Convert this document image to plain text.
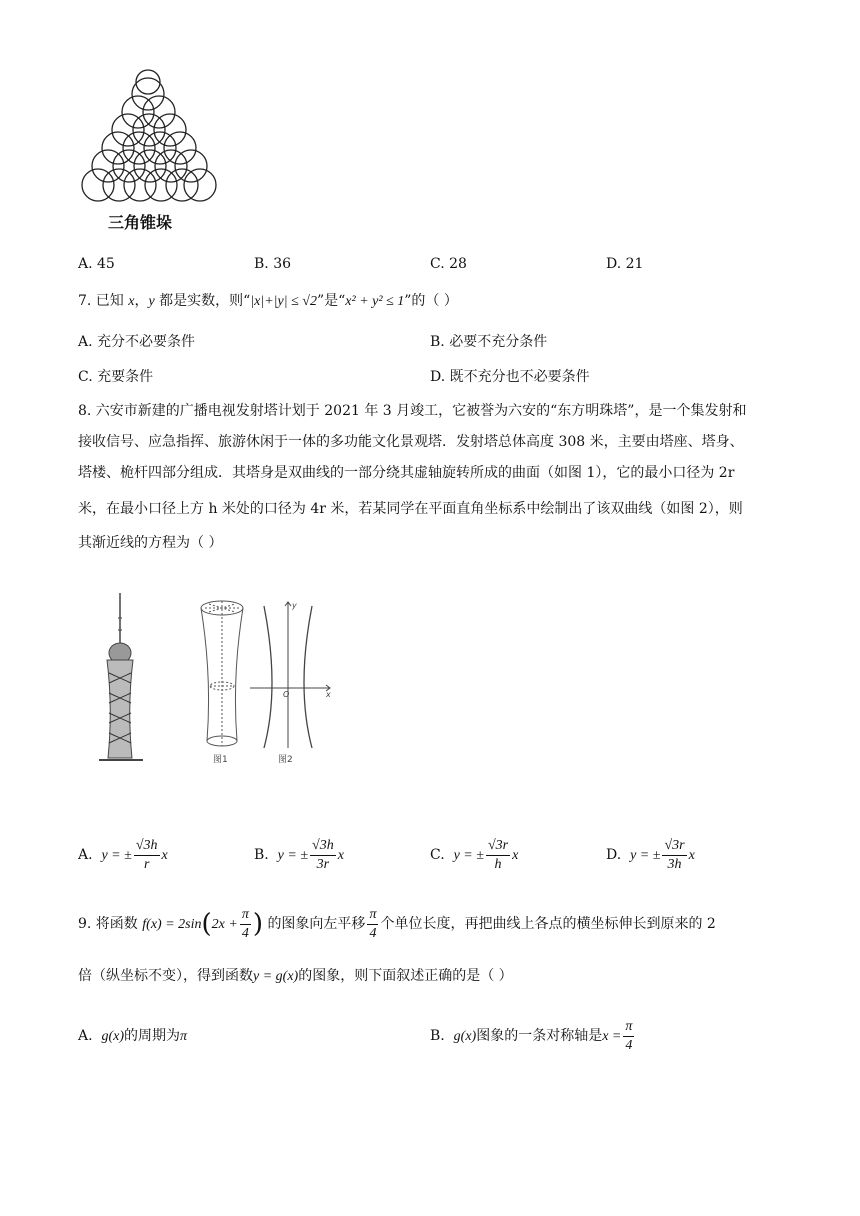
三角锥垛
A. 45	B. 36	C. 28	D. 21
7. 已知 x，y 都是实数，则“|x|+|y| ≤ √2”是“x² + y² ≤ 1”的（ ）
A. 充分不必要条件	B. 必要不充分条件
C. 充要条件	D. 既不充分也不必要条件
8. 六安市新建的广播电视发射塔计划于 2021 年 3 月竣工，它被誉为六安的“东方明珠塔”，是一个集发射和
接收信号、应急指挥、旅游休闲于一体的多功能文化景观塔．发射塔总体高度 308 米，主要由塔座、塔身、
塔楼、桅杆四部分组成．其塔身是双曲线的一部分绕其虚轴旋转所成的曲面（如图 1），它的最小口径为 2r
米，在最小口径上方 h 米处的口径为 4r 米，若某同学在平面直角坐标系中绘制出了该双曲线（如图 2），则
其渐近线的方程为（ ）
图1
O	x
y
图2
A. y = ± $\frac{√3h}{r}$ x	B. y = ± $\frac{√3h}{3r}$ x	C. y = ± $\frac{√3r}{h}$ x	D. y = ± $\frac{√3r}{3h}$ x
9. 将函数 $f(x) = 2\sin(2x + \frac{\pi}{4}$ ) 的图象向左平移 $\frac{\pi}{4}$ 个单位长度，再把曲线上各点的横坐标伸长到原来的 2
倍（纵坐标不变），得到函数y = g(x)的图象，则下面叙述正确的是（ ）
A. g(x)的周期为π	B. g(x)图象的一条对称轴是$x = \frac{\pi}{4}$
